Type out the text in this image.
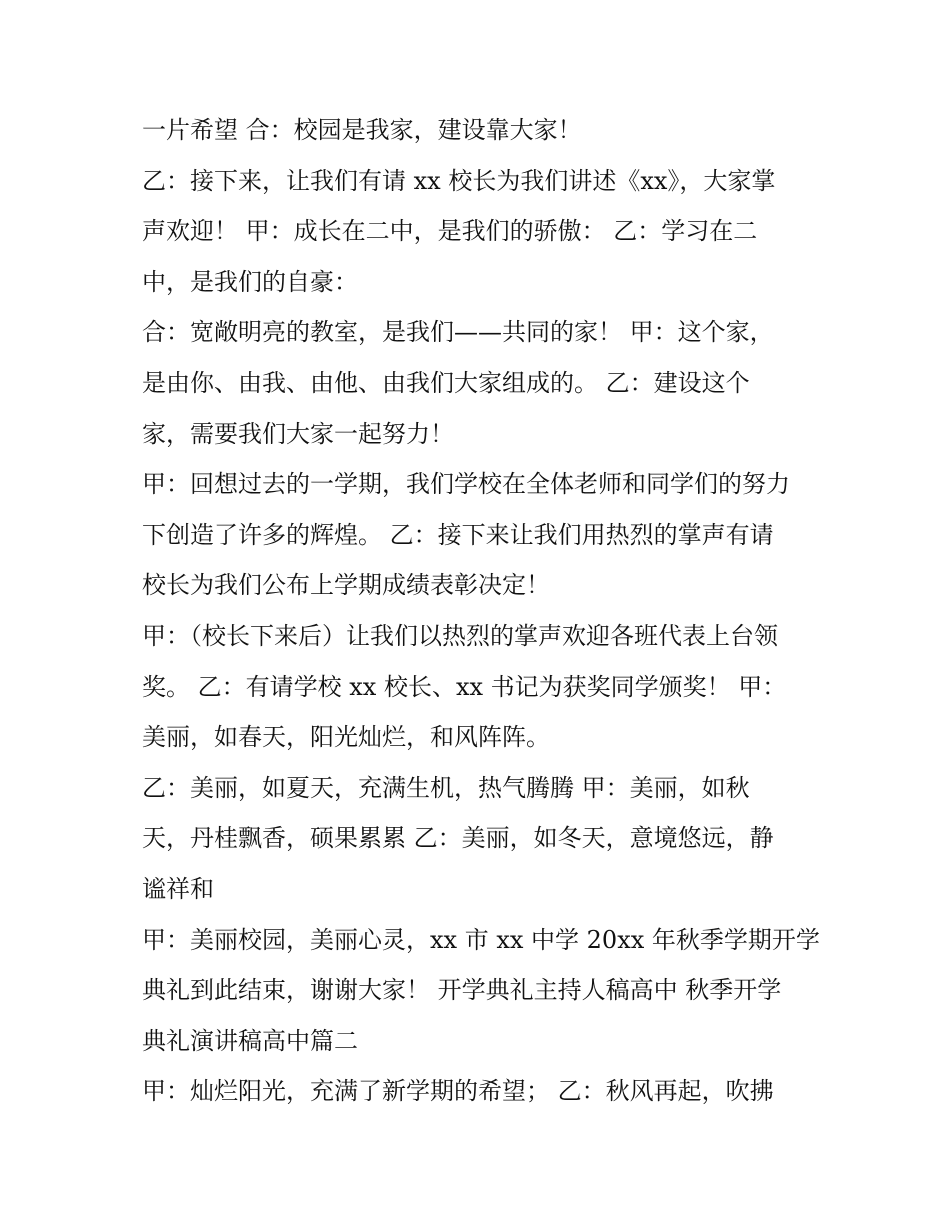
一片希望 合：校园是我家，建设靠大家！
乙：接下来，让我们有请 xx 校长为我们讲述《xx》，大家掌
声欢迎！ 甲：成长在二中，是我们的骄傲： 乙：学习在二
中，是我们的自豪：
合：宽敞明亮的教室，是我们——共同的家！ 甲：这个家，
是由你、由我、由他、由我们大家组成的。 乙：建设这个
家，需要我们大家一起努力！
甲：回想过去的一学期，我们学校在全体老师和同学们的努力
下创造了许多的辉煌。 乙：接下来让我们用热烈的掌声有请
校长为我们公布上学期成绩表彰决定！
甲：（校长下来后）让我们以热烈的掌声欢迎各班代表上台领
奖。 乙：有请学校 xx 校长、xx 书记为获奖同学颁奖！ 甲：
美丽，如春天，阳光灿烂，和风阵阵。
乙：美丽，如夏天，充满生机，热气腾腾 甲：美丽，如秋
天，丹桂飘香，硕果累累 乙：美丽，如冬天，意境悠远，静
谧祥和
甲：美丽校园，美丽心灵，xx 市 xx 中学 20xx 年秋季学期开学
典礼到此结束，谢谢大家！ 开学典礼主持人稿高中 秋季开学
典礼演讲稿高中篇二
甲：灿烂阳光，充满了新学期的希望； 乙：秋风再起，吹拂
